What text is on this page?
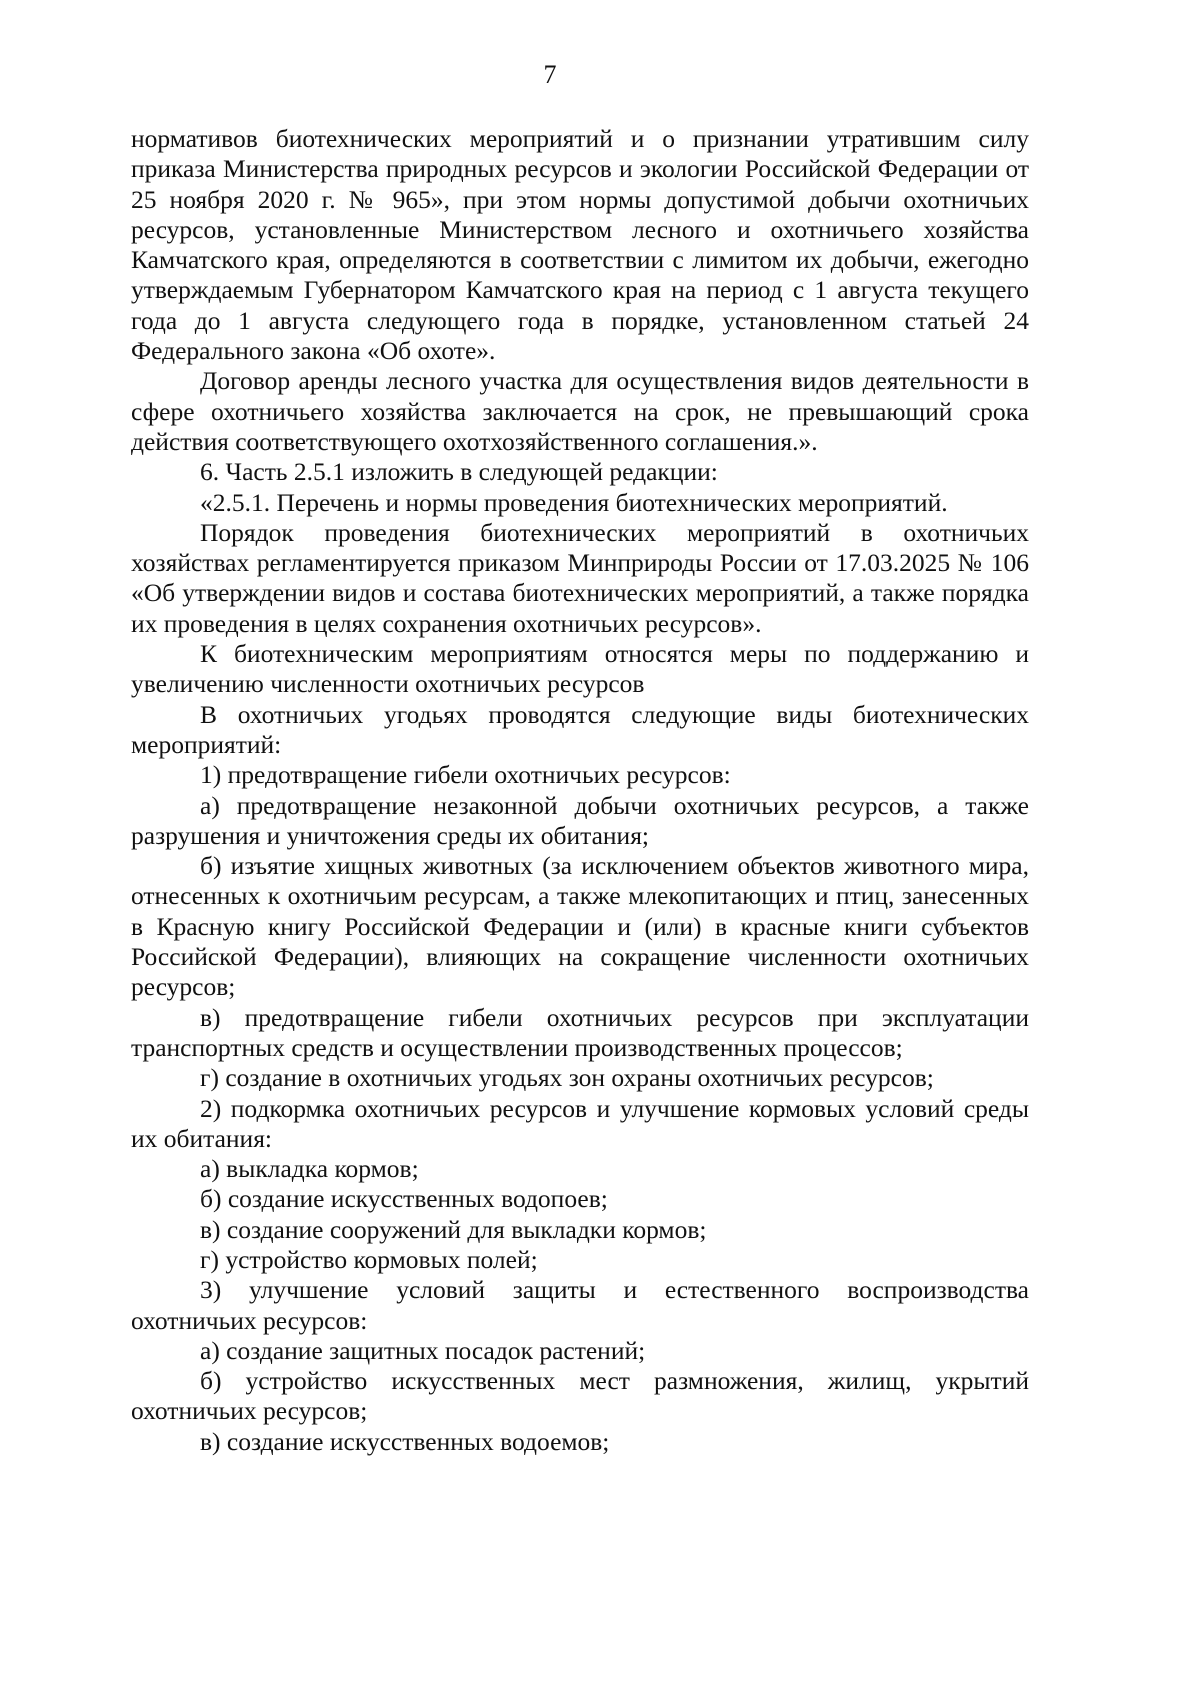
7

нормативов биотехнических мероприятий и о признании утратившим силу приказа Министерства природных ресурсов и экологии Российской Федерации от 25 ноября 2020 г. № 965», при этом нормы допустимой добычи охотничьих ресурсов, установленные Министерством лесного и охотничьего хозяйства Камчатского края, определяются в соответствии с лимитом их добычи, ежегодно утверждаемым Губернатором Камчатского края на период с 1 августа текущего года до 1 августа следующего года в порядке, установленном статьей 24 Федерального закона «Об охоте».

Договор аренды лесного участка для осуществления видов деятельности в сфере охотничьего хозяйства заключается на срок, не превышающий срока действия соответствующего охотхозяйственного соглашения.».

6. Часть 2.5.1 изложить в следующей редакции:

«2.5.1. Перечень и нормы проведения биотехнических мероприятий.

Порядок проведения биотехнических мероприятий в охотничьих хозяйствах регламентируется приказом Минприроды России от 17.03.2025 № 106 «Об утверждении видов и состава биотехнических мероприятий, а также порядка их проведения в целях сохранения охотничьих ресурсов».

К биотехническим мероприятиям относятся меры по поддержанию и увеличению численности охотничьих ресурсов

В охотничьих угодьях проводятся следующие виды биотехнических мероприятий:

1) предотвращение гибели охотничьих ресурсов:

а) предотвращение незаконной добычи охотничьих ресурсов, а также разрушения и уничтожения среды их обитания;

б) изъятие хищных животных (за исключением объектов животного мира, отнесенных к охотничьим ресурсам, а также млекопитающих и птиц, занесенных в Красную книгу Российской Федерации и (или) в красные книги субъектов Российской Федерации), влияющих на сокращение численности охотничьих ресурсов;

в) предотвращение гибели охотничьих ресурсов при эксплуатации транспортных средств и осуществлении производственных процессов;

г) создание в охотничьих угодьях зон охраны охотничьих ресурсов;

2) подкормка охотничьих ресурсов и улучшение кормовых условий среды их обитания:

а) выкладка кормов;

б) создание искусственных водопоев;

в) создание сооружений для выкладки кормов;

г) устройство кормовых полей;

3) улучшение условий защиты и естественного воспроизводства охотничьих ресурсов:

а) создание защитных посадок растений;

б) устройство искусственных мест размножения, жилищ, укрытий охотничьих ресурсов;

в) создание искусственных водоемов;
